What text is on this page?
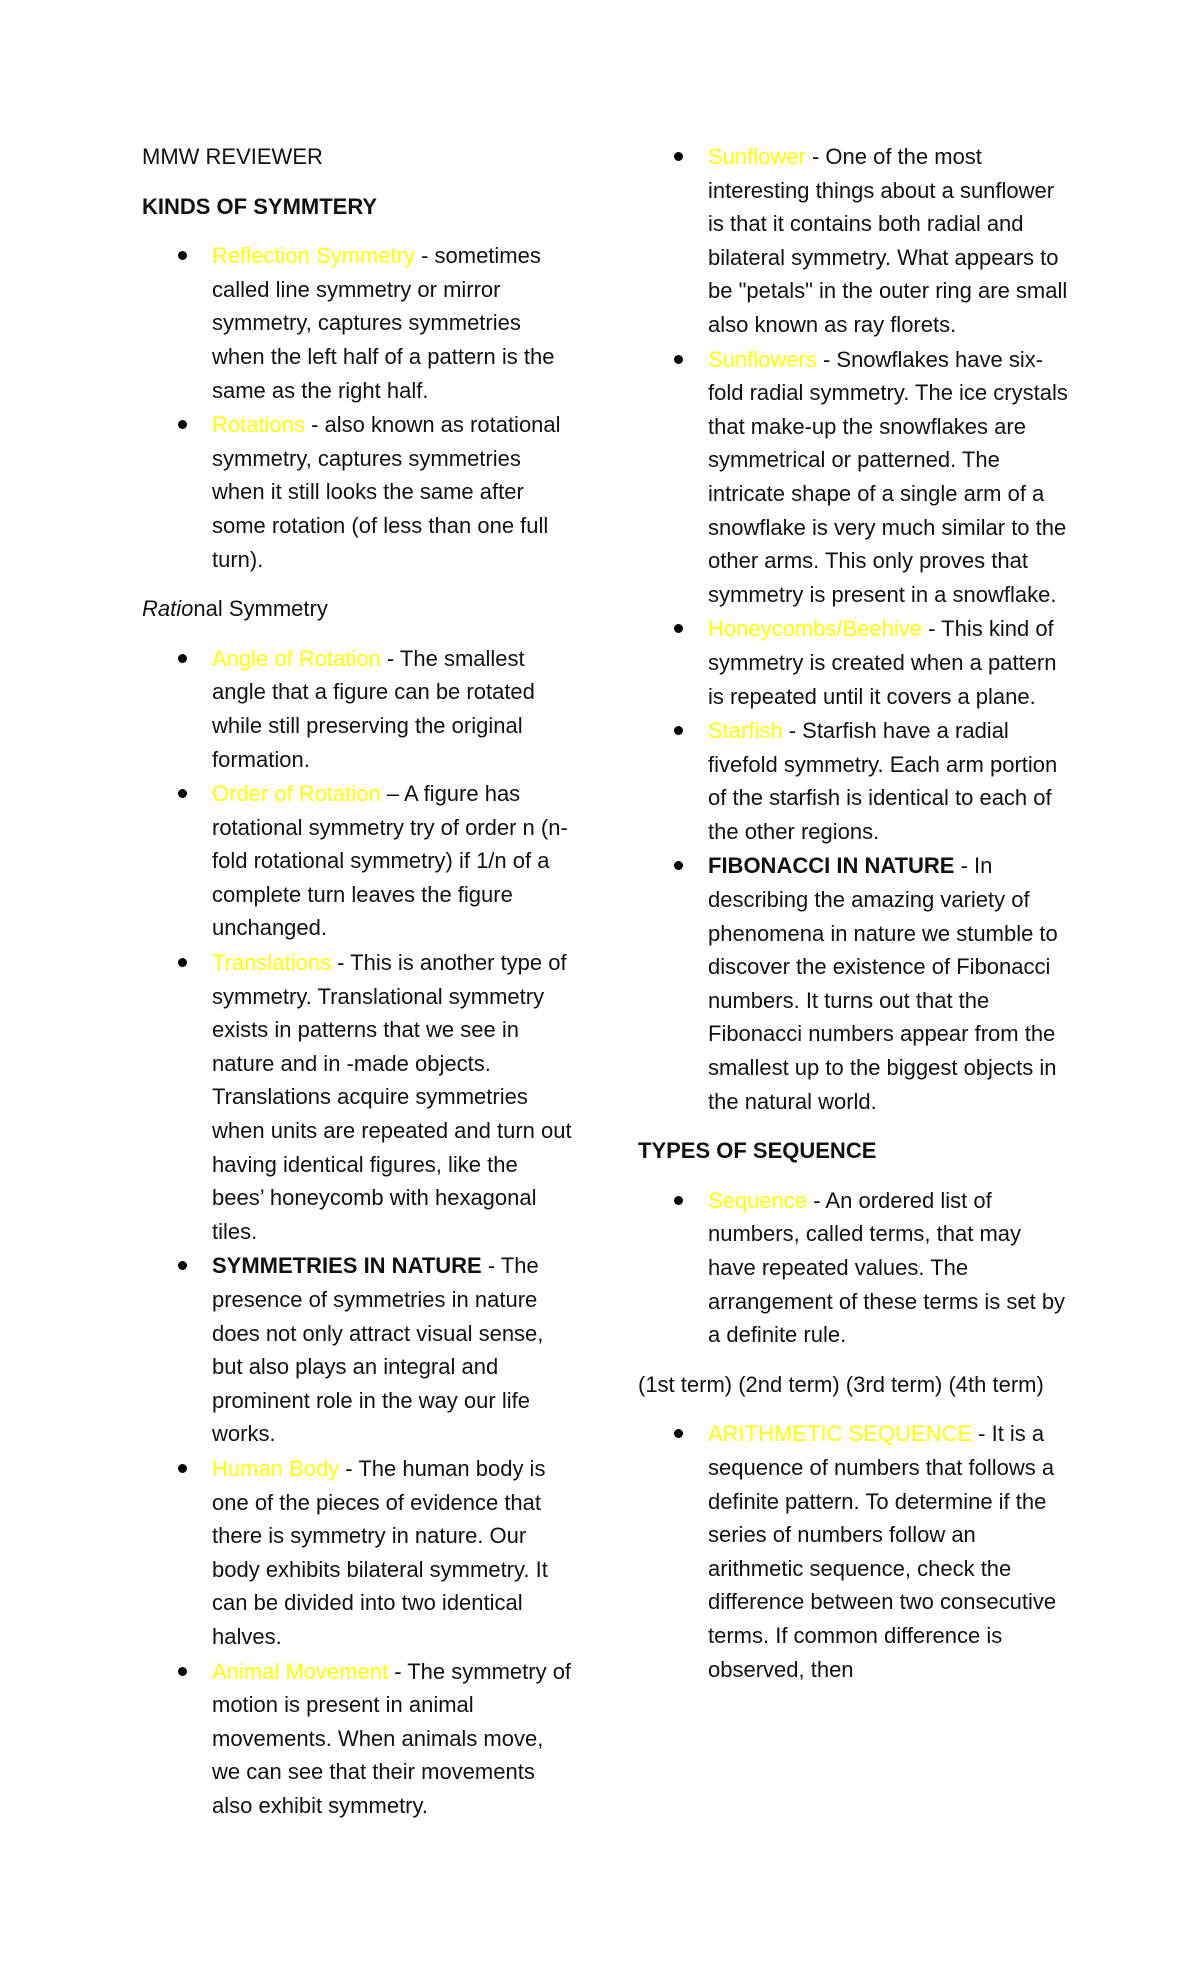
MMW REVIEWER

KINDS OF SYMMTERY

Reflection Symmetry - sometimes called line symmetry or mirror symmetry, captures symmetries when the left half of a pattern is the same as the right half.
Rotations - also known as rotational symmetry, captures symmetries when it still looks the same after some rotation (of less than one full turn).

Rational Symmetry

Angle of Rotation - The smallest angle that a figure can be rotated while still preserving the original formation.
Order of Rotation – A figure has rotational symmetry try of order n (n-fold rotational symmetry) if 1/n of a complete turn leaves the figure unchanged.
Translations - This is another type of symmetry. Translational symmetry exists in patterns that we see in nature and in -made objects. Translations acquire symmetries when units are repeated and turn out having identical figures, like the bees’ honeycomb with hexagonal tiles.
SYMMETRIES IN NATURE - The presence of symmetries in nature does not only attract visual sense, but also plays an integral and prominent role in the way our life works.
Human Body - The human body is one of the pieces of evidence that there is symmetry in nature. Our body exhibits bilateral symmetry. It can be divided into two identical halves.
Animal Movement - The symmetry of motion is present in animal movements. When animals move, we can see that their movements also exhibit symmetry.
Sunflower - One of the most interesting things about a sunflower is that it contains both radial and bilateral symmetry. What appears to be "petals" in the outer ring are small also known as ray florets.
Sunflowers - Snowflakes have six-fold radial symmetry. The ice crystals that make-up the snowflakes are symmetrical or patterned. The intricate shape of a single arm of a snowflake is very much similar to the other arms. This only proves that symmetry is present in a snowflake.
Honeycombs/Beehive - This kind of symmetry is created when a pattern is repeated until it covers a plane.
Starfish - Starfish have a radial fivefold symmetry. Each arm portion of the starfish is identical to each of the other regions.
FIBONACCI IN NATURE - In describing the amazing variety of phenomena in nature we stumble to discover the existence of Fibonacci numbers. It turns out that the Fibonacci numbers appear from the smallest up to the biggest objects in the natural world.

TYPES OF SEQUENCE

Sequence - An ordered list of numbers, called terms, that may have repeated values. The arrangement of these terms is set by a definite rule.

(1st term) (2nd term) (3rd term) (4th term)

ARITHMETIC SEQUENCE - It is a sequence of numbers that follows a definite pattern. To determine if the series of numbers follow an arithmetic sequence, check the difference between two consecutive terms. If common difference is observed, then
